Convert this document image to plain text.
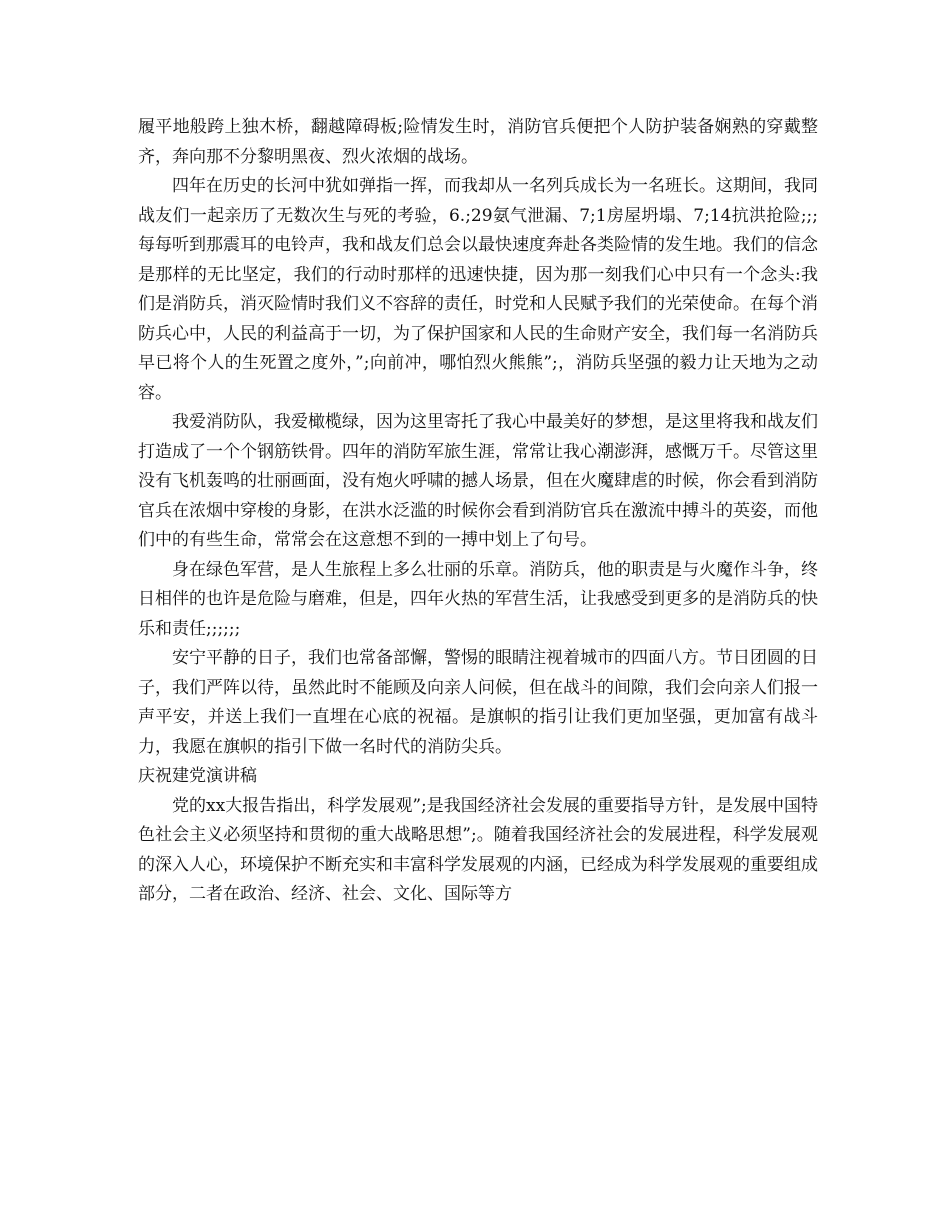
履平地般跨上独木桥，翻越障碍板;险情发生时，消防官兵便把个人防护装备娴熟的穿戴整齐，奔向那不分黎明黑夜、烈火浓烟的战场。

四年在历史的长河中犹如弹指一挥，而我却从一名列兵成长为一名班长。这期间，我同战友们一起亲历了无数次生与死的考验，6.;29氨气泄漏、7;1房屋坍塌、7;14抗洪抢险;;;每每听到那震耳的电铃声，我和战友们总会以最快速度奔赴各类险情的发生地。我们的信念是那样的无比坚定，我们的行动时那样的迅速快捷，因为那一刻我们心中只有一个念头:我们是消防兵，消灭险情时我们义不容辞的责任，时党和人民赋予我们的光荣使命。在每个消防兵心中，人民的利益高于一切，为了保护国家和人民的生命财产安全，我们每一名消防兵早已将个人的生死置之度外，”;向前冲，哪怕烈火熊熊”;，消防兵坚强的毅力让天地为之动容。

我爱消防队，我爱橄榄绿，因为这里寄托了我心中最美好的梦想，是这里将我和战友们打造成了一个个钢筋铁骨。四年的消防军旅生涯，常常让我心潮澎湃，感慨万千。尽管这里没有飞机轰鸣的壮丽画面，没有炮火呼啸的撼人场景，但在火魔肆虐的时候，你会看到消防官兵在浓烟中穿梭的身影，在洪水泛滥的时候你会看到消防官兵在激流中搏斗的英姿，而他们中的有些生命，常常会在这意想不到的一搏中划上了句号。

身在绿色军营，是人生旅程上多么壮丽的乐章。消防兵，他的职责是与火魔作斗争，终日相伴的也许是危险与磨难，但是，四年火热的军营生活，让我感受到更多的是消防兵的快乐和责任;;;;;;

安宁平静的日子，我们也常备部懈，警惕的眼睛注视着城市的四面八方。节日团圆的日子，我们严阵以待，虽然此时不能顾及向亲人问候，但在战斗的间隙，我们会向亲人们报一声平安，并送上我们一直埋在心底的祝福。是旗帜的指引让我们更加坚强，更加富有战斗力，我愿在旗帜的指引下做一名时代的消防尖兵。

庆祝建党演讲稿

党的xx大报告指出，科学发展观”;是我国经济社会发展的重要指导方针，是发展中国特色社会主义必须坚持和贯彻的重大战略思想”;。随着我国经济社会的发展进程，科学发展观的深入人心，环境保护不断充实和丰富科学发展观的内涵，已经成为科学发展观的重要组成部分，二者在政治、经济、社会、文化、国际等方
